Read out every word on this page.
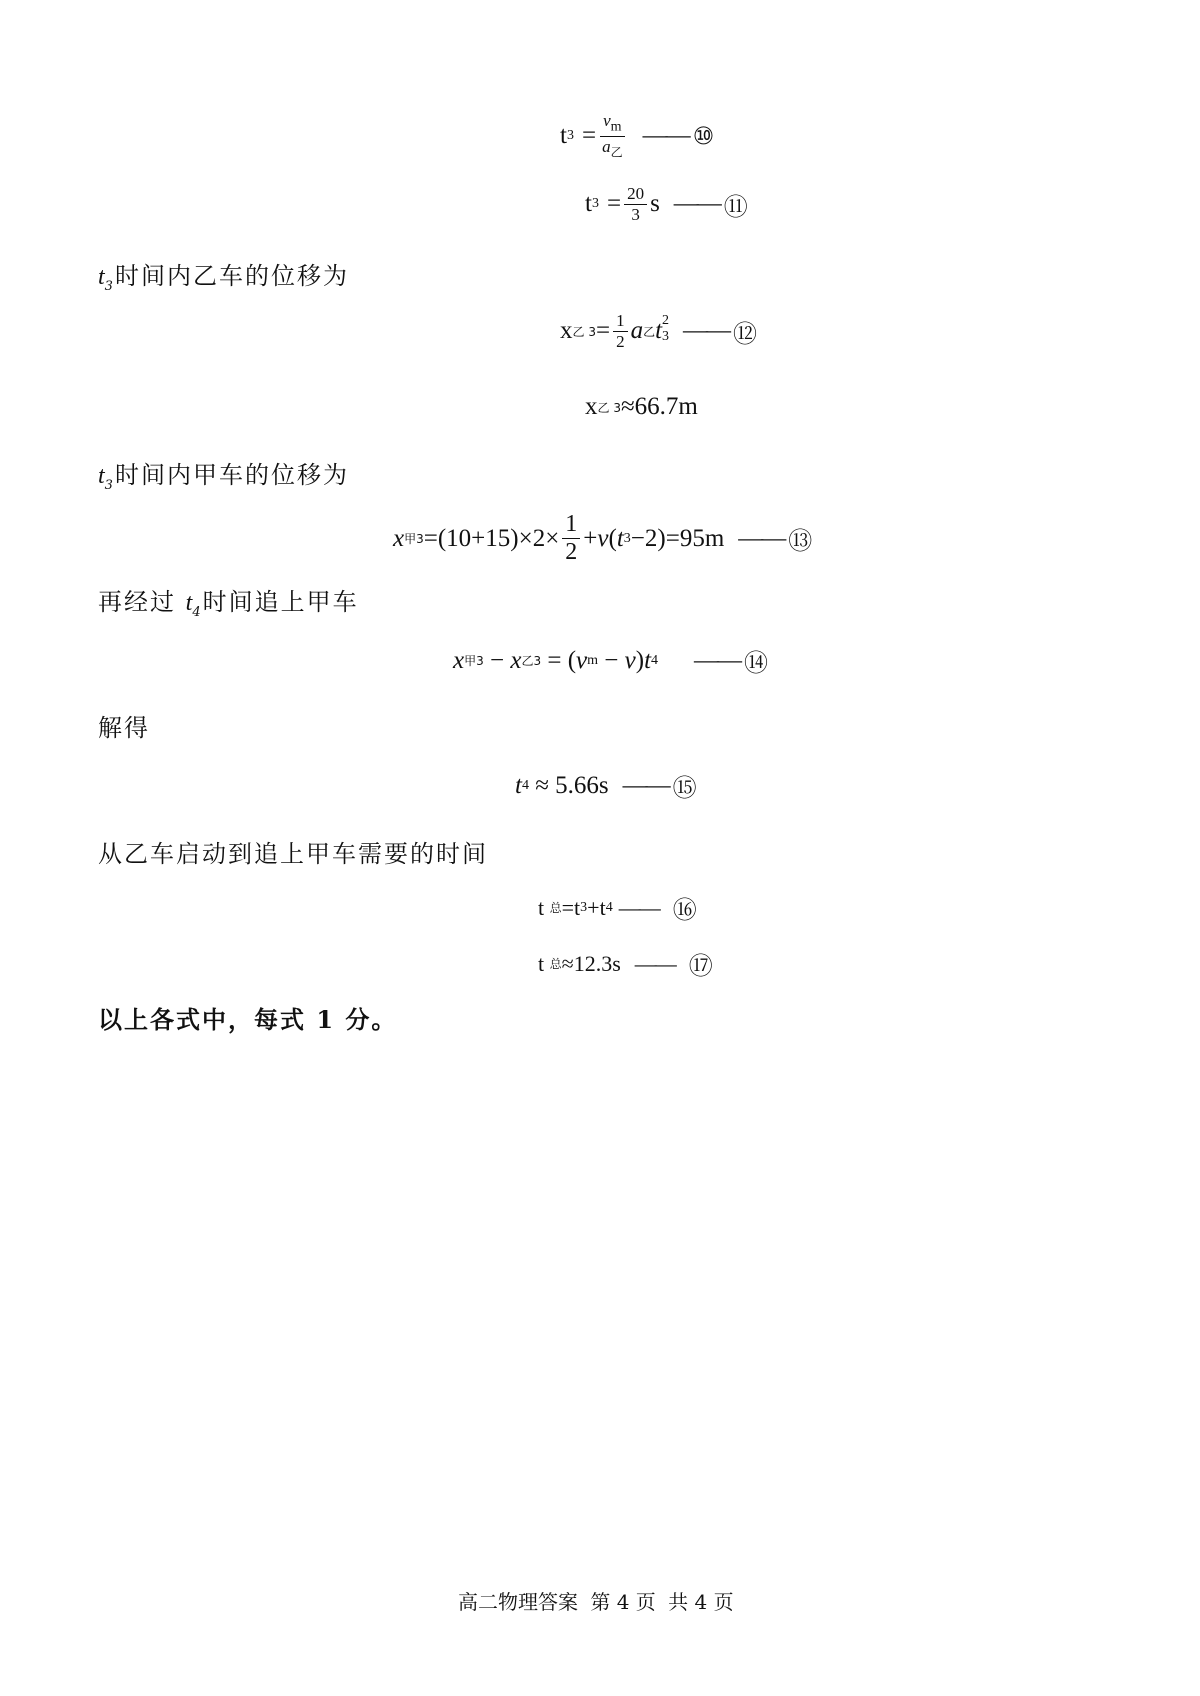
t $3 = \frac{v_m}{a_乙}$ —— ⑩
t $3 = \frac{20}{3}$ s —— ⑪
$t_3$时间内乙车的位移为
x 乙 $3 = \frac{1}{2}$ a 乙 t 2
3 —— ⑫
x 乙 3 ≈66.7m
$t_3$时间内甲车的位移为
x 甲$3 =(10+15)\times 2\times \frac{1}{2} + v$ ( t 3 −2)=95m —— ⑬
再经过 $t_4$时间追上甲车
x 甲3 − x 乙3 = ( v m − v ) t 4 —— ⑭
解得
t 4 ≈ 5.66s —— ⑮
从乙车启动到追上甲车需要的时间
t 总 =t 3 +t 4 —— ⑯
t 总 ≈12.3s —— ⑰
以上各式中，每式 1 分。
高二物理答案 第 4 页 共 4 页
